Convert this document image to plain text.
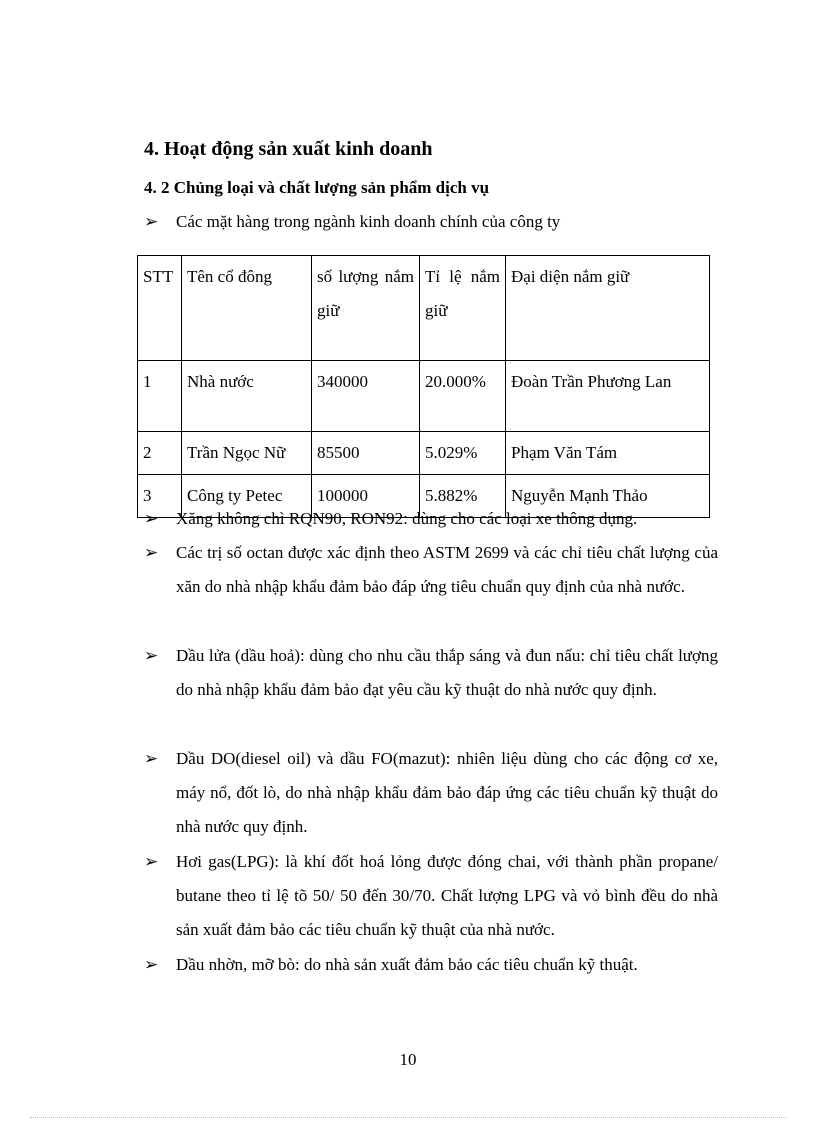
4. Hoạt động sản xuất kinh doanh
4. 2 Chủng loại và chất lượng sản phẩm dịch vụ
➢	Các mặt hàng trong ngành kinh doanh chính của công ty
STT	Tên cổ đông	số lượng nắm giữ	Tỉ lệ nắm giữ	Đại diện nắm giữ
1	Nhà nước	340000	20.000%	Đoàn Trần Phương Lan
2	Trần Ngọc Nữ	85500	5.029%	Phạm Văn Tám
3	Công ty Petec	100000	5.882%	Nguyễn Mạnh Thảo
➢	Xăng không chì RQN90, RON92: dùng cho các loại xe thông dụng.
➢	Các trị số octan được xác định theo ASTM 2699 và các chỉ tiêu chất lượng của xăn do nhà nhập khẩu đảm bảo đáp ứng tiêu chuẩn quy định của nhà nước.
➢	Dầu lửa (dầu hoả): dùng cho nhu cầu thắp sáng và đun nấu: chỉ tiêu chất lượng do nhà nhập khẩu đảm bảo đạt yêu cầu kỹ thuật do nhà nước quy định.
➢	Dầu DO(diesel oil) và dầu FO(mazut): nhiên liệu dùng cho các động cơ xe, máy nổ, đốt lò, do nhà nhập khẩu đảm bảo đáp ứng các tiêu chuẩn kỹ thuật do nhà nước quy định.
➢	Hơi gas(LPG): là khí đốt hoá lỏng được đóng chai, với thành phần propane/ butane theo tỉ lệ tõ 50/ 50 đến 30/70. Chất lượng LPG và vỏ bình đều do nhà sản xuất đảm bảo các tiêu chuẩn kỹ thuật của nhà nước.
➢	Dầu nhờn, mỡ bò: do nhà sản xuất đảm bảo các tiêu chuẩn kỹ thuật.
10
